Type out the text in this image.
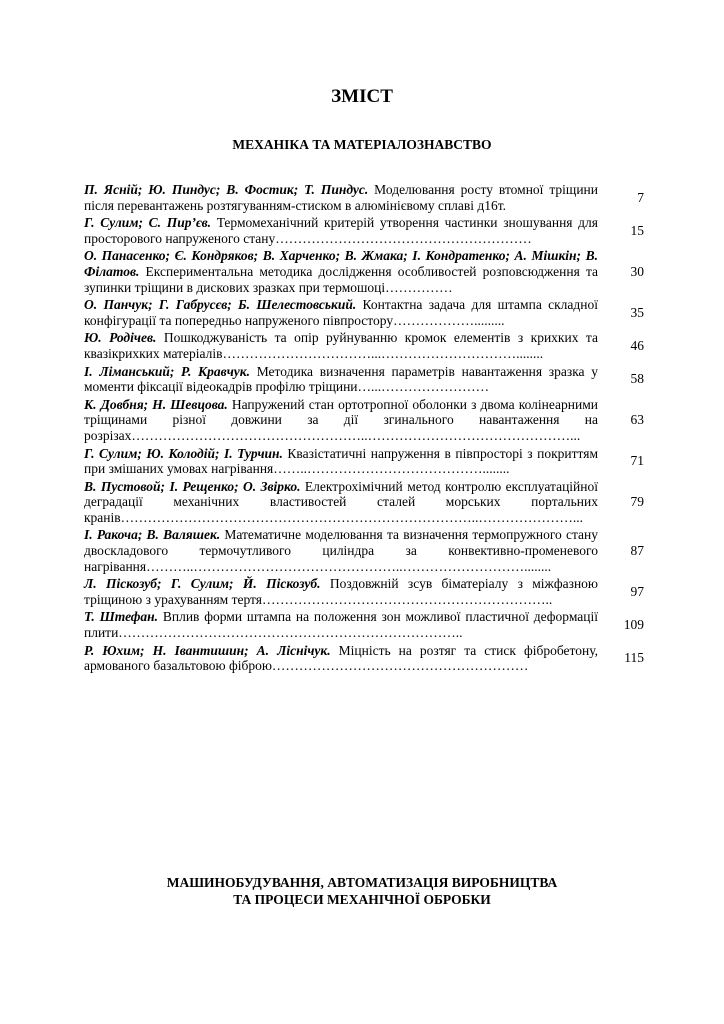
ЗМІСТ
МЕХАНІКА ТА МАТЕРІАЛОЗНАВСТВО
П. Ясній; Ю. Пиндус; В. Фостик; Т. Пиндус. Моделювання росту втомної тріщини після перевантажень розтягуванням-стиском в алюмінієвому сплаві д16т.
7
Г. Сулим; С. Пир’єв. Термомеханічний критерій утворення частинки зношування для просторового напруженого стану…………………………………………………
15
О. Панасенко; Є. Кондряков; В. Харченко; В. Жмака; І. Кондратенко; А. Мішкін; В. Філатов. Експериментальна методика дослідження особливостей розповсюдження та зупинки тріщини в дискових зразках при термошоці……………
30
О. Панчук; Г. Габрусєв; Б. Шелестовський. Контактна задача для штампа складної конфігурації та попередньо напруженого півпростору……………….........
35
Ю. Родічев. Пошкоджуваність та опір руйнуванню кромок елементів з крихких та квазікрихких матеріалів……………………………...…………………………........
46
І. Ліманський; Р. Кравчук. Методика визначення параметрів навантаження зразка у моменти фіксації відеокадрів профілю тріщини…...……………………
58
К. Довбня; Н. Шевцова. Напружений стан ортотропної оболонки з двома колінеарними тріщинами різної довжини за дії згинального навантаження на розрізах……………………………………………..………………………………………...
63
Г. Сулим; Ю. Колодій; І. Турчин. Квазістатичні напруження в півпросторі з покриттям при змішаних умовах нагрівання……..…………………………………........
71
В. Пустовой; І. Рещенко; О. Звірко. Електрохімічний метод контролю експлуатаційної деградації механічних властивостей сталей морських портальних кранів……………………………………………………………………..…………………...
79
І. Ракоча; В. Валяшек. Математичне моделювання та визначення термопружного стану двоскладового термочутливого циліндра за конвективно-променевого нагрівання………..………………………………………..………………………........
87
Л. Піскозуб; Г. Сулим; Й. Піскозуб. Поздовжній зсув біматеріалу з міжфазною тріщиною з урахуванням тертя………………………………………………………..
97
Т. Штефан. Вплив форми штампа на положення зон можливої пластичної деформації плити…………………………………………………………………..
109
Р. Юхим; Н. Івантишин; А. Ліснічук. Міцність на розтяг та стиск фібробетону, армованого базальтовою фіброю…………………………………………………
115
МАШИНОБУДУВАННЯ, АВТОМАТИЗАЦІЯ ВИРОБНИЦТВА
ТА ПРОЦЕСИ МЕХАНІЧНОЇ ОБРОБКИ
